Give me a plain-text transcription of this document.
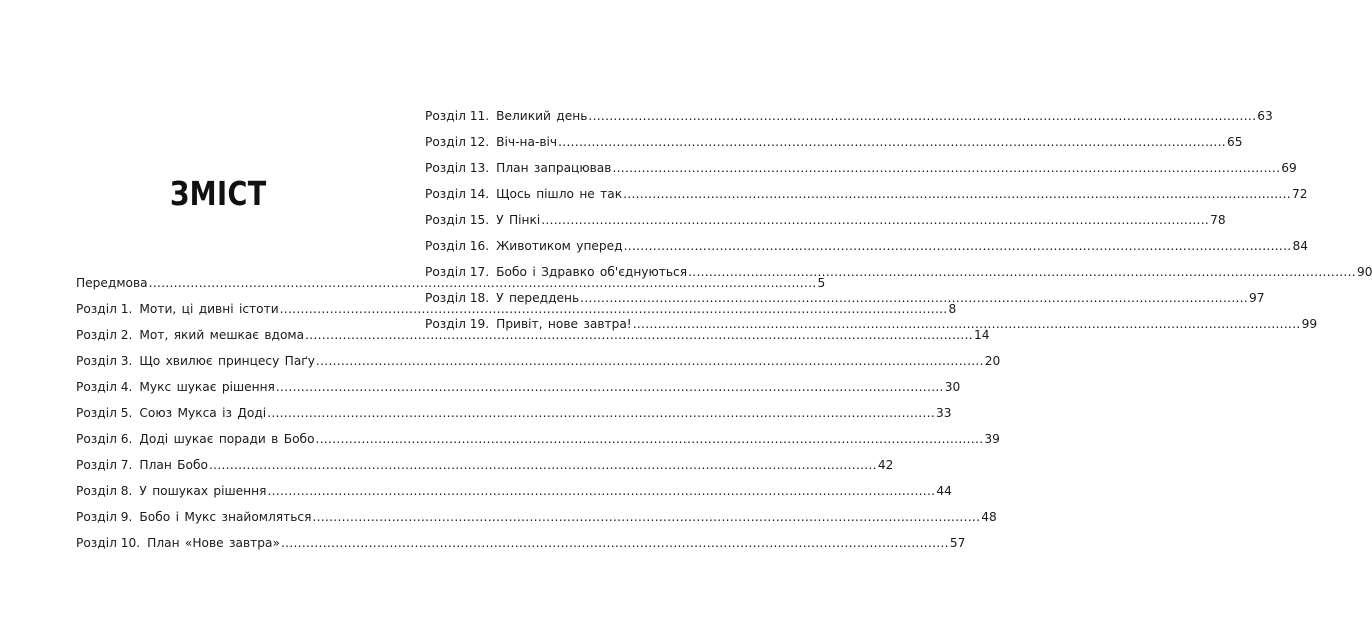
ЗМІСТ
Передмова .....	5
Розділ 1. Моти, ці дивні істоти .....	8
Розділ 2. Мот, який мешкає вдома .....	14
Розділ 3. Що хвилює принцесу Паґу .....	20
Розділ 4. Мукс шукає рішення .....	30
Розділ 5. Союз Мукса із Доді .....	33
Розділ 6. Доді шукає поради в Бобо .....	39
Розділ 7. План Бобо .....	42
Розділ 8. У пошуках рішення .....	44
Розділ 9. Бобо і Мукс знайомляться .....	48
Розділ 10. План «Нове завтра» .....	57
Розділ 11. Великий день .....	63
Розділ 12. Віч-на-віч .....	65
Розділ 13. План запрацював .....	69
Розділ 14. Щось пішло не так .....	72
Розділ 15. У Пінкі .....	78
Розділ 16. Животиком уперед .....	84
Розділ 17. Бобо і Здравко об'єднуються .....	90
Розділ 18. У переддень .....	97
Розділ 19. Привіт, нове завтра! .....	99
